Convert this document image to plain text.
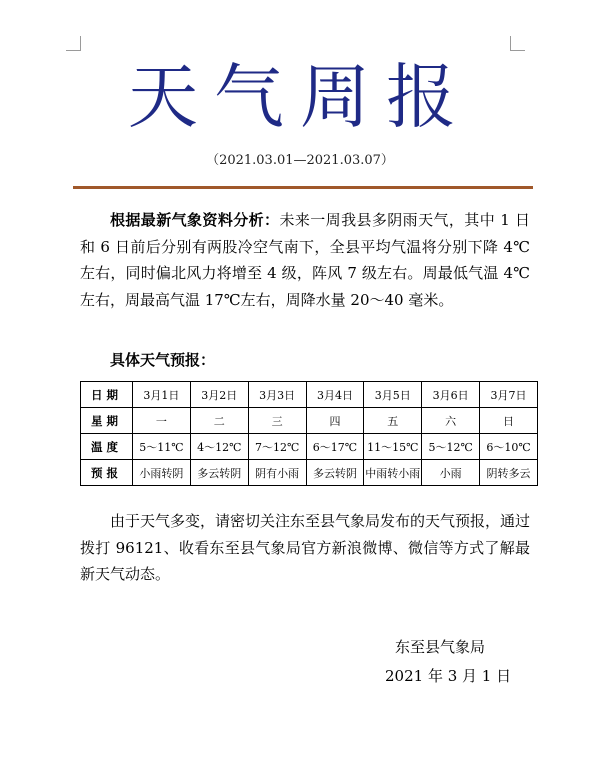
天气周报
（2021.03.01—2021.03.07）

根据最新气象资料分析：未来一周我县多阴雨天气，其中 1 日和 6 日前后分别有两股冷空气南下，全县平均气温将分别下降 4℃左右，同时偏北风力将增至 4 级，阵风 7 级左右。周最低气温 4℃左右，周最高气温 17℃左右，周降水量 20～40 毫米。

具体天气预报：
日期	3月1日	3月2日	3月3日	3月4日	3月5日	3月6日	3月7日
星期	一	二	三	四	五	六	日
温度	5～11℃	4～12℃	7～12℃	6～17℃	11～15℃	5～12℃	6～10℃
预报	小雨转阴	多云转阴	阴有小雨	多云转阴	中雨转小雨	小雨	阴转多云

由于天气多变，请密切关注东至县气象局发布的天气预报，通过拨打 96121、收看东至县气象局官方新浪微博、微信等方式了解最新天气动态。

东至县气象局
2021 年 3 月 1 日
